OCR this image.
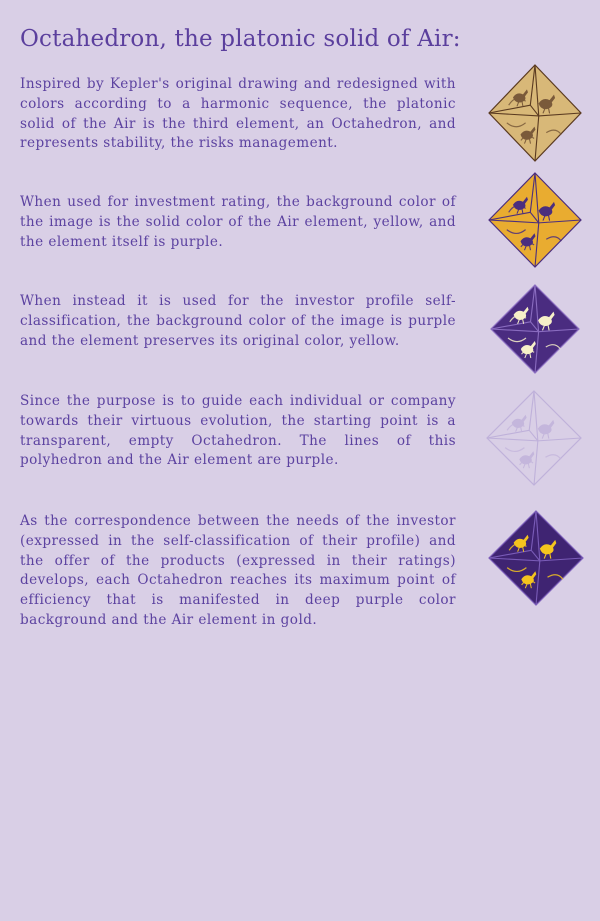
Octahedron, the platonic solid of Air:

Inspired by Kepler's original drawing and redesigned with colors according to a harmonic sequence, the platonic solid of the Air is the third element, an Octahedron, and represents stability, the risks management.

When used for investment rating, the background color of the image is the solid color of the Air element, yellow, and the element itself is purple.

When instead it is used for the investor profile self-classification, the background color of the image is purple and the element preserves its original color, yellow.

Since the purpose is to guide each individual or company towards their virtuous evolution, the starting point is a transparent, empty Octahedron. The lines of this polyhedron and the Air element are purple.

As the correspondence between the needs of the investor (expressed in the self-classification of their profile) and the offer of the products (expressed in their ratings) develops, each Octahedron reaches its maximum point of efficiency that is manifested in deep purple color background and the Air element in gold.
